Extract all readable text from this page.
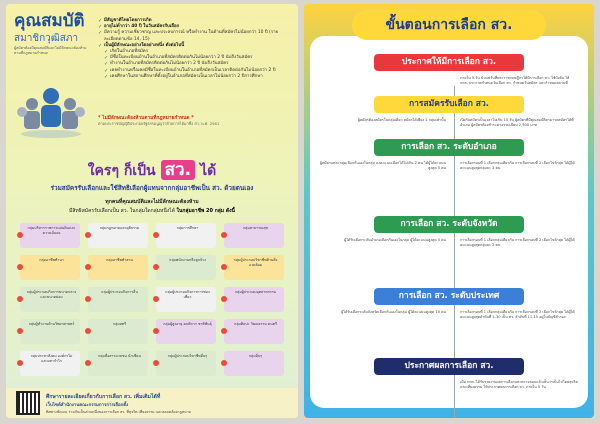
คุณสมบัติ
สมาชิกวุฒิสภา
ผู้สมัครต้องมีคุณสมบัติและไม่มีลักษณะต้องห้าม ตามที่กฎหมายกำหนด
✓ มีสัญชาติไทยโดยการเกิด
✓ อายุไม่ต่ำกว่า 40 ปี ในวันสมัครรับเลือก
✓ มีความรู้ ความเชี่ยวชาญ และประสบการณ์ หรือทำงาน ในด้านที่สมัครไม่น้อยกว่า 10 ปี (รายละเอียดตามข้อ 14, 15)
✓ เป็นผู้มีลักษณะอย่างใดอย่างหนึ่ง ดังต่อไปนี้
✓ เกิดในอำเภอที่สมัคร
✓ มีชื่อในทะเบียนบ้านในอำเภอที่สมัครติดต่อกันไม่น้อยกว่า 2 ปี นับถึงวันสมัคร
✓ ทำงานในอำเภอที่สมัครติดต่อกันไม่น้อยกว่า 2 ปี นับถึงวันสมัคร
✓ เคยทำงานหรือเคยมีชื่อในทะเบียนบ้านในอำเภอที่สมัครเป็นเวลาติดต่อกันไม่น้อยกว่า 2 ปี
✓ เคยศึกษาในสถานศึกษาที่ตั้งอยู่ในอำเภอที่สมัครเป็นเวลาไม่น้อยกว่า 2 ปีการศึกษา
* ไม่มีลักษณะต้องห้ามตามที่กฎหมายกำหนด *
ตามพระราชบัญญัติประกอบรัฐธรรมนูญว่าด้วยการได้มาซึ่ง สว. พ.ศ. 2561
ใครๆ ก็เป็น สว. ได้
ร่วมสมัครรับเลือกและใช้สิทธิเลือกผู้แทนจากกลุ่มอาชีพเป็น สว. ด้วยตนเอง
ทุกคนที่คุณสมบัติและไม่มีลักษณะต้องห้าม
มีสิทธิสมัครรับเลือกเป็น สว. ในกลุ่มใดกลุ่มหนึ่งได้ ในกลุ่มอาชีพ 20 กลุ่ม ดังนี้
กลุ่มบริหารราชการแผ่นดินและความมั่นคง
กลุ่มกฎหมายและยุติธรรม	กลุ่มการศึกษา	กลุ่มสาธารณสุข
กลุ่มอาชีพทำนา	กลุ่มอาชีพทำสวน	กลุ่มพนักงานหรือลูกจ้าง	กลุ่มผู้ประกอบวิชาชีพด้านสิ่งแวดล้อม
กลุ่มผู้ประกอบกิจการขนาดกลางและขนาดย่อม
กลุ่มผู้ประกอบกิจการอื่น	กลุ่มผู้ประกอบกิจการการท่องเที่ยว
กลุ่มผู้ประกอบอุตสาหกรรม
กลุ่มผู้ทำงานด้านวิทยาศาสตร์	กลุ่มสตรี	กลุ่มผู้สูงอายุ คนพิการ ชาติพันธุ์	กลุ่มศิลปะ วัฒนธรรม ดนตรี
กลุ่มประชาสังคม องค์กรไม่แสวงหากำไร
กลุ่มสื่อสารมวลชน นักเขียน	กลุ่มผู้ประกอบวิชาชีพอื่นๆ	กลุ่มอื่นๆ
ศึกษารายละเอียดเกี่ยวกับการเลือก สว. เพิ่มเติมได้ที่
เว็บไซต์สำนักงานคณะกรรมการการเลือกตั้ง
ทิศทางชัดเจน ร่วมกันเป็นส่วนหนึ่งของการเลือก สว. ที่สุจริต เที่ยงธรรม และสอดคล้องกฎหมาย
ประกาศให้มีการเลือก สว.
ภายใน 5 วัน นับแต่วันที่พระราชกฤษฎีกาให้มีการเลือก สว. ใช้บังคับ ให้ กกต. ประกาศกำหนดวันเลือก สว. กำหนดวันสมัคร และกำหนดสถานที่
การสมัครรับเลือก สว.
ผู้สมัครต้องสมัครในกลุ่มเดียว สมัครได้เพียง 1 กลุ่มเท่านั้น	เปิดรับสมัครเป็นเวลาไม่เกิน 15 วัน ผู้สมัครที่มีคุณสมบัติสามารถสมัครได้ที่อำเภอ ผู้สมัครต้องชำระค่าธรรมเนียม 2,500 บาท
การเลือก สว. ระดับอำเภอ
ผู้สมัครแต่ละกลุ่มเลือกกันเองในกลุ่ม ลงคะแนนเลือกได้ไม่เกิน 2 คน ได้ผู้ได้คะแนนสูงสุด 5 คน
การเลือกรอบที่ 1 เลือกกลุ่มเดียวกัน การเลือกรอบที่ 2 เลือกไขว้กลุ่ม ได้ผู้ได้คะแนนสูงสุดกลุ่มละ 3 คน
การเลือก สว. ระดับจังหวัด
ผู้ได้รับเลือกระดับอำเภอเลือกกันเองในกลุ่ม ผู้ได้คะแนนสูงสุด 5 คน	การเลือกรอบที่ 1 เลือกกลุ่มเดียวกัน การเลือกรอบที่ 2 เลือกไขว้กลุ่ม ได้ผู้ได้คะแนนสูงสุดกลุ่มละ 2 คน
การเลือก สว. ระดับประเทศ
ผู้ได้รับเลือกระดับจังหวัดเลือกกันเองในกลุ่ม ผู้ได้คะแนนสูงสุด 10 คน	การเลือกรอบที่ 1 เลือกกลุ่มเดียวกัน การเลือกรอบที่ 2 เลือกไขว้กลุ่ม ได้ผู้ได้คะแนนสูงสุดลำดับที่ 1-10 เป็น สว. ลำดับที่ 11-15 อยู่ในบัญชีสำรอง
ประกาศผลการเลือก สว.
เมื่อ กกต. ได้รับรายงานผลการเลือกและตรวจสอบแล้วเห็นว่าเป็นไปโดยสุจริตและเที่ยงธรรม ให้ประกาศผลการเลือก สว. ภายใน 5 วัน
ขั้นตอนการเลือก สว.
